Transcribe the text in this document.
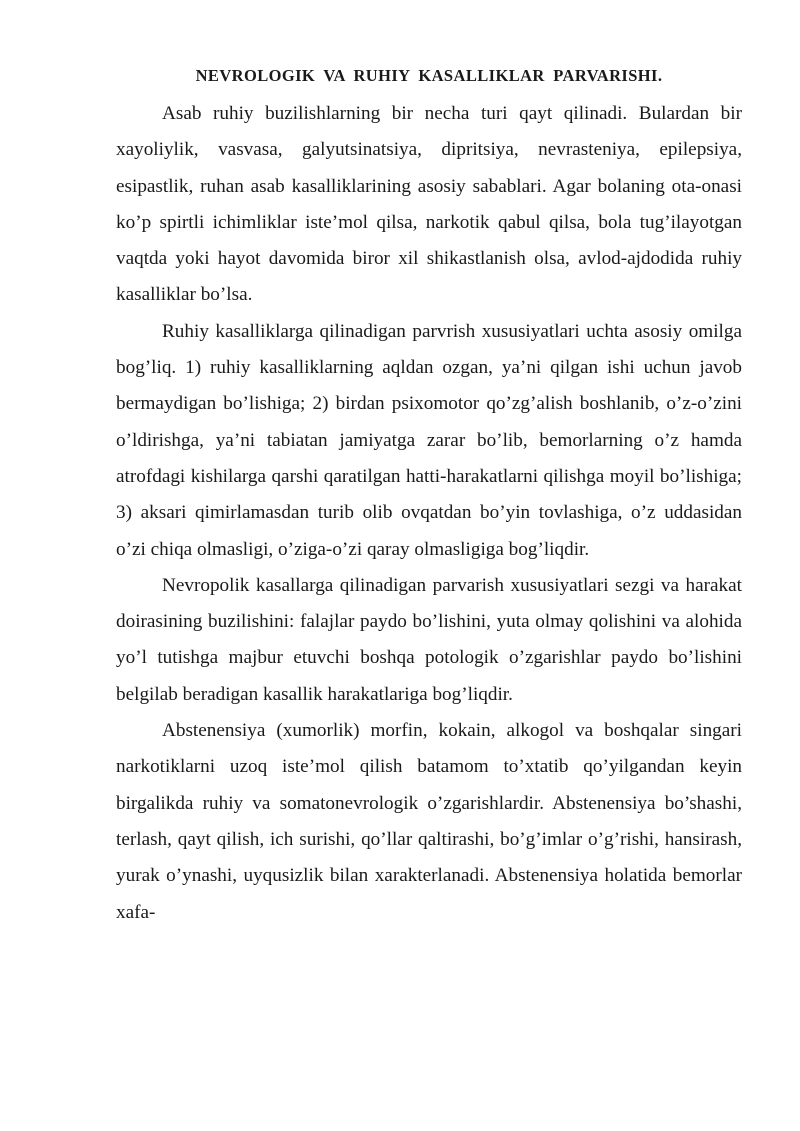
NEVROLOGIK VA RUHIY KASALLIKLAR PARVARISHI.

Asab ruhiy buzilishlarning bir necha turi qayt qilinadi. Bulardan bir xayoliylik, vasvasa, galyutsinatsiya, dipritsiya, nevrasteniya, epilepsiya, esipastlik, ruhan asab kasalliklarining asosiy sabablari. Agar bolaning ota-onasi ko’p spirtli ichimliklar iste’mol qilsa, narkotik qabul qilsa, bola tug’ilayotgan vaqtda yoki hayot davomida biror xil shikastlanish olsa, avlod-ajdodida ruhiy kasalliklar bo’lsa.

Ruhiy kasalliklarga qilinadigan parvrish xususiyatlari uchta asosiy omilga bog’liq. 1) ruhiy kasalliklarning aqldan ozgan, ya’ni qilgan ishi uchun javob bermaydigan bo’lishiga; 2) birdan psixomotor qo’zg’alish boshlanib, o’z-o’zini o’ldirishga, ya’ni tabiatan jamiyatga zarar bo’lib, bemorlarning o’z hamda atrofdagi kishilarga qarshi qaratilgan hatti-harakatlarni qilishga moyil bo’lishiga; 3) aksari qimirlamasdan turib olib ovqatdan bo’yin tovlashiga, o’z uddasidan o’zi chiqa olmasligi, o’ziga-o’zi qaray olmasligiga bog’liqdir.

Nevropolik kasallarga qilinadigan parvarish xususiyatlari sezgi va harakat doirasining buzilishini: falajlar paydo bo’lishini, yuta olmay qolishini va alohida yo’l tutishga majbur etuvchi boshqa potologik o’zgarishlar paydo bo’lishini belgilab beradigan kasallik harakatlariga bog’liqdir.

Abstenensiya (xumorlik) morfin, kokain, alkogol va boshqalar singari narkotiklarni uzoq iste’mol qilish batamom to’xtatib qo’yilgandan keyin birgalikda ruhiy va somatonevrologik o’zgarishlardir. Abstenensiya bo’shashi, terlash, qayt qilish, ich surishi, qo’llar qaltirashi, bo’g’imlar o’g’rishi, hansirash, yurak o’ynashi, uyqusizlik bilan xarakterlanadi. Abstenensiya holatida bemorlar xafa-
